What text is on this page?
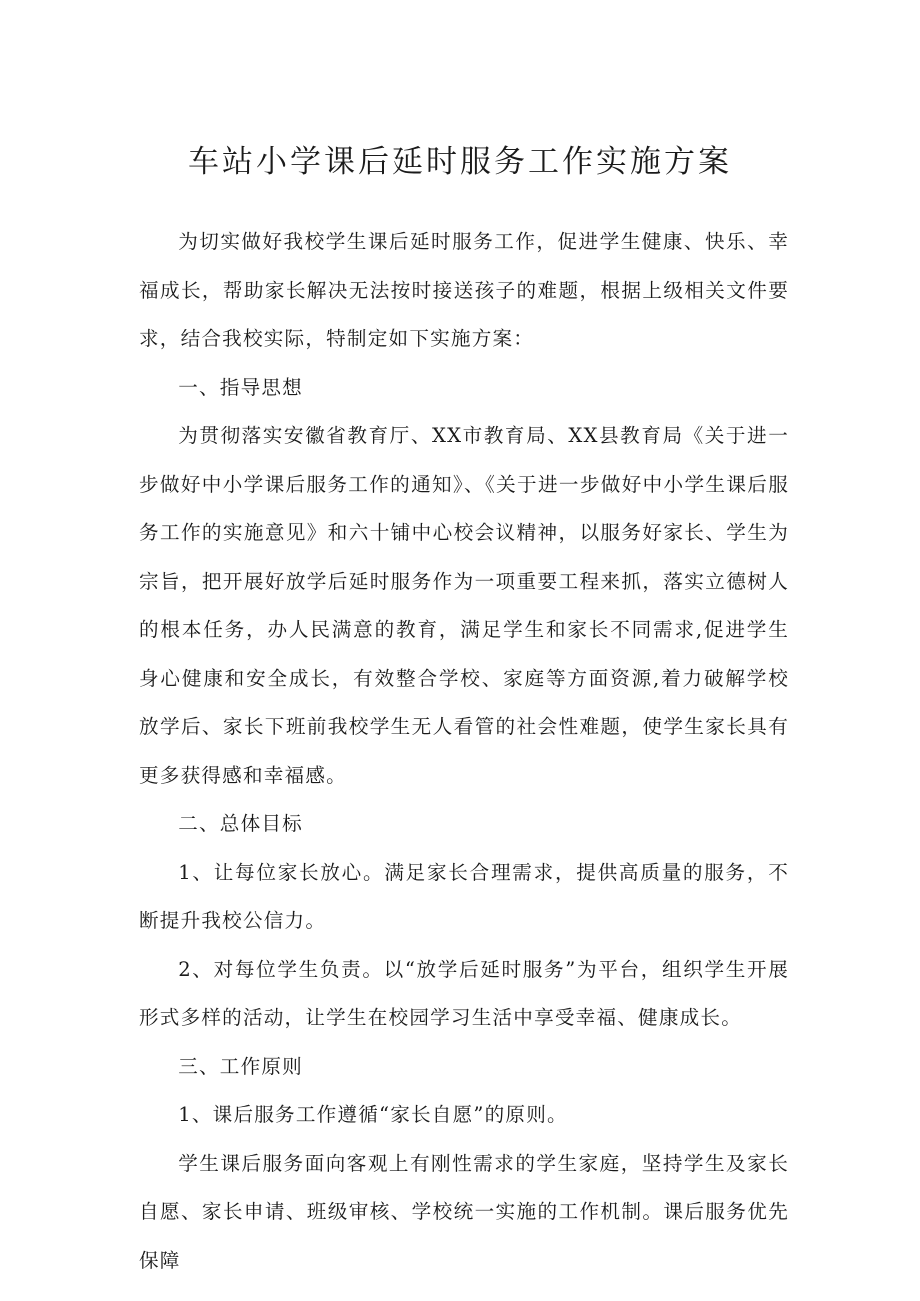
车站小学课后延时服务工作实施方案

为切实做好我校学生课后延时服务工作，促进学生健康、快乐、幸福成长，帮助家长解决无法按时接送孩子的难题，根据上级相关文件要求，结合我校实际，特制定如下实施方案：

一、指导思想

为贯彻落实安徽省教育厅、XX市教育局、XX县教育局《关于进一步做好中小学课后服务工作的通知》、《关于进一步做好中小学生课后服务工作的实施意见》和六十铺中心校会议精神，以服务好家长、学生为宗旨，把开展好放学后延时服务作为一项重要工程来抓，落实立德树人的根本任务，办人民满意的教育，满足学生和家长不同需求,促进学生身心健康和安全成长，有效整合学校、家庭等方面资源,着力破解学校放学后、家长下班前我校学生无人看管的社会性难题，使学生家长具有更多获得感和幸福感。

二、总体目标

1、让每位家长放心。满足家长合理需求，提供高质量的服务，不断提升我校公信力。

2、对每位学生负责。以“放学后延时服务”为平台，组织学生开展形式多样的活动，让学生在校园学习生活中享受幸福、健康成长。

三、工作原则

1、课后服务工作遵循“家长自愿”的原则。

学生课后服务面向客观上有刚性需求的学生家庭，坚持学生及家长自愿、家长申请、班级审核、学校统一实施的工作机制。课后服务优先保障
